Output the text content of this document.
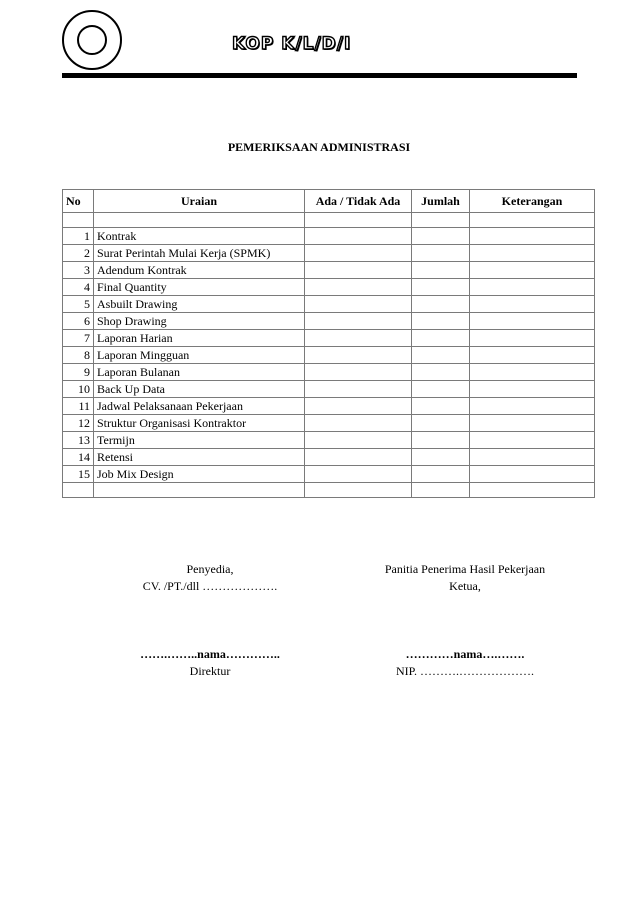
KOP K/L/D/I
PEMERIKSAAN ADMINISTRASI
No	Uraian	Ada / Tidak Ada	Jumlah	Keterangan

1	Kontrak			
2	Surat Perintah Mulai Kerja (SPMK)			
3	Adendum Kontrak			
4	Final Quantity			
5	Asbuilt Drawing			
6	Shop Drawing			
7	Laporan Harian			
8	Laporan Mingguan			
9	Laporan Bulanan			
10	Back Up Data			
11	Jadwal Pelaksanaan Pekerjaan			
12	Struktur Organisasi Kontraktor			
13	Termijn			
14	Retensi			
15	Job Mix Design			

Penyedia,
CV. /PT./dll ……………….
…….……..nama…………..
Direktur
Panitia Penerima Hasil Pekerjaan
Ketua,
…………nama….…….
NIP. ……….……………….
